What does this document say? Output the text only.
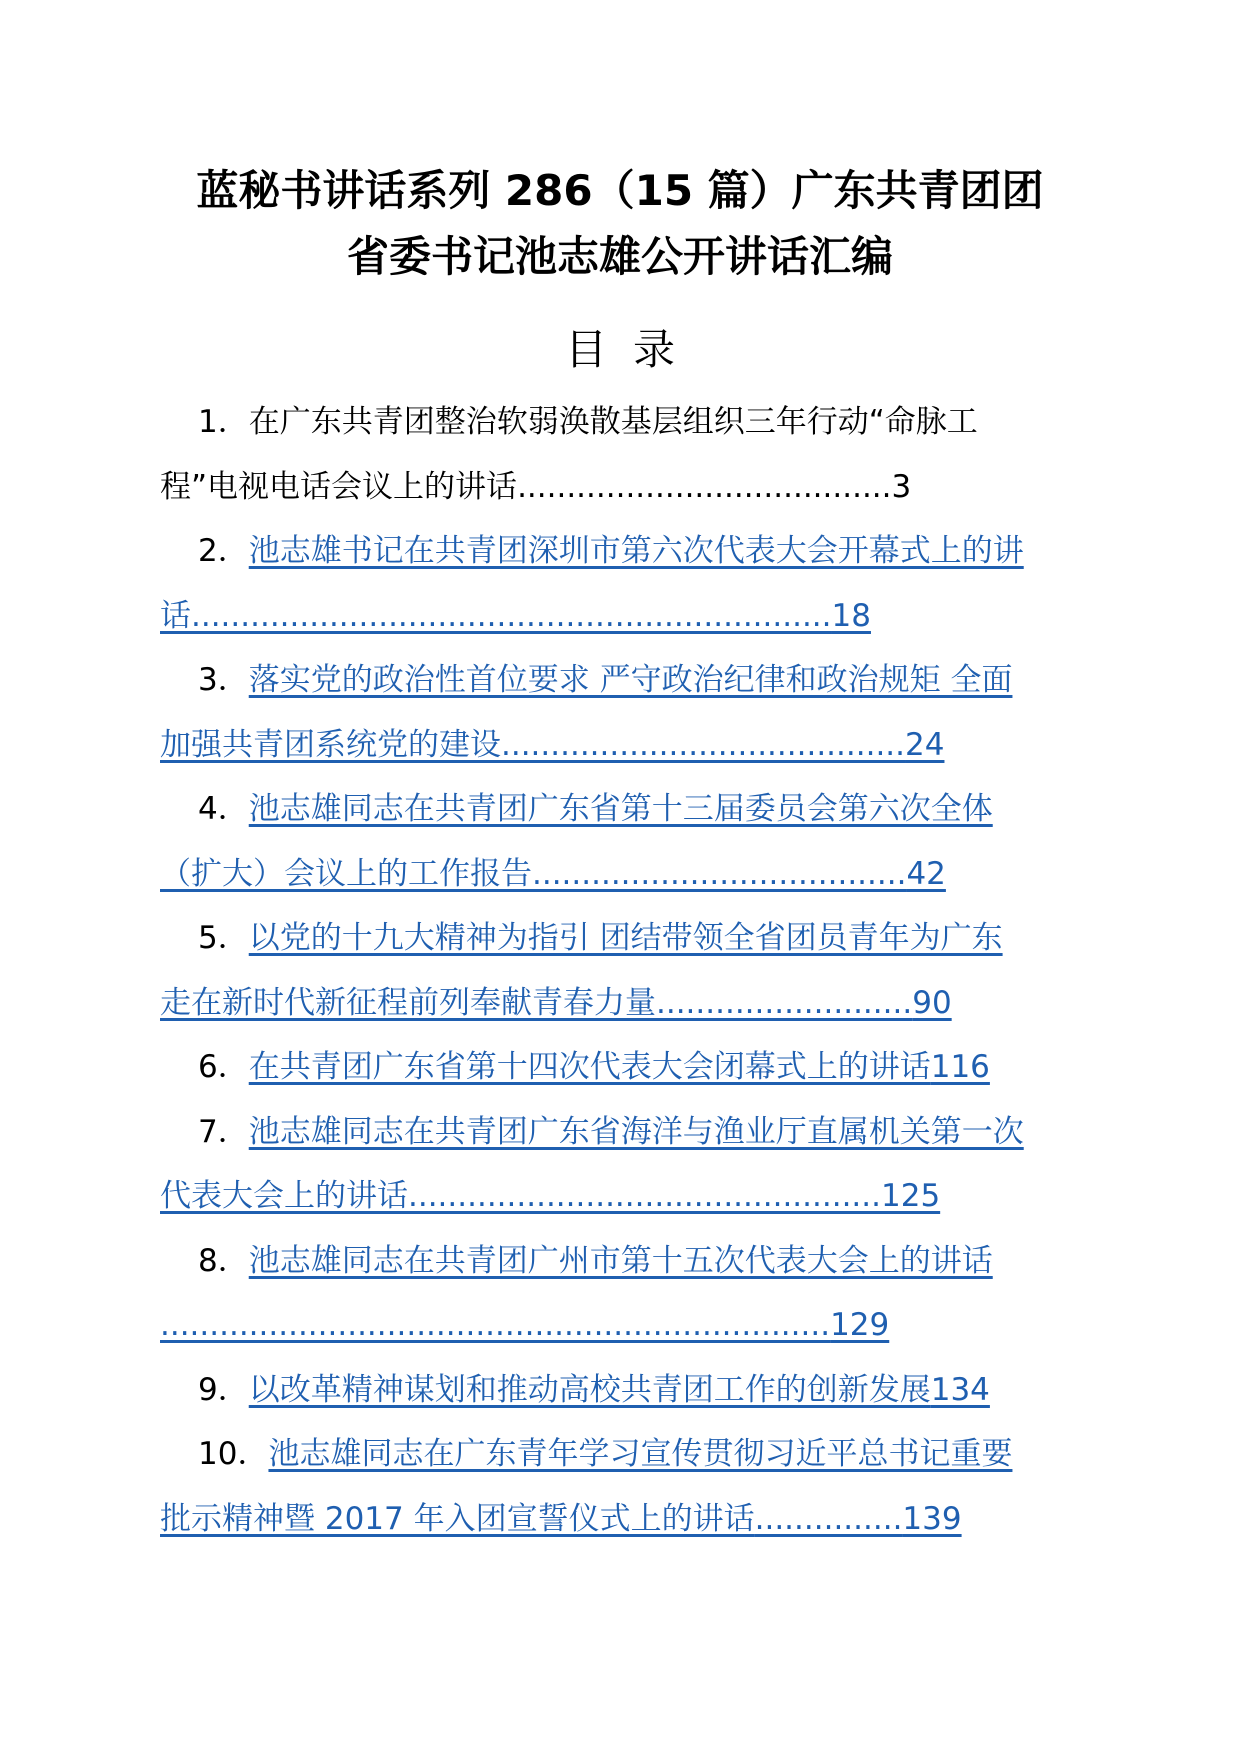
蓝秘书讲话系列 286（15 篇）广东共青团团
省委书记池志雄公开讲话汇编
目录
1．在广东共青团整治软弱涣散基层组织三年行动“命脉工
程”电视电话会议上的讲话......................................3
2．池志雄书记在共青团深圳市第六次代表大会开幕式上的讲
话.................................................................18
3．落实党的政治性首位要求 严守政治纪律和政治规矩 全面
加强共青团系统党的建设.........................................24
4．池志雄同志在共青团广东省第十三届委员会第六次全体
（扩大）会议上的工作报告......................................42
5．以党的十九大精神为指引 团结带领全省团员青年为广东
走在新时代新征程前列奉献青春力量..........................90
6．在共青团广东省第十四次代表大会闭幕式上的讲话116
7．池志雄同志在共青团广东省海洋与渔业厅直属机关第一次
代表大会上的讲话................................................125
8．池志雄同志在共青团广州市第十五次代表大会上的讲话
....................................................................129
9．以改革精神谋划和推动高校共青团工作的创新发展134
10．池志雄同志在广东青年学习宣传贯彻习近平总书记重要
批示精神暨 2017 年入团宣誓仪式上的讲话...............139
